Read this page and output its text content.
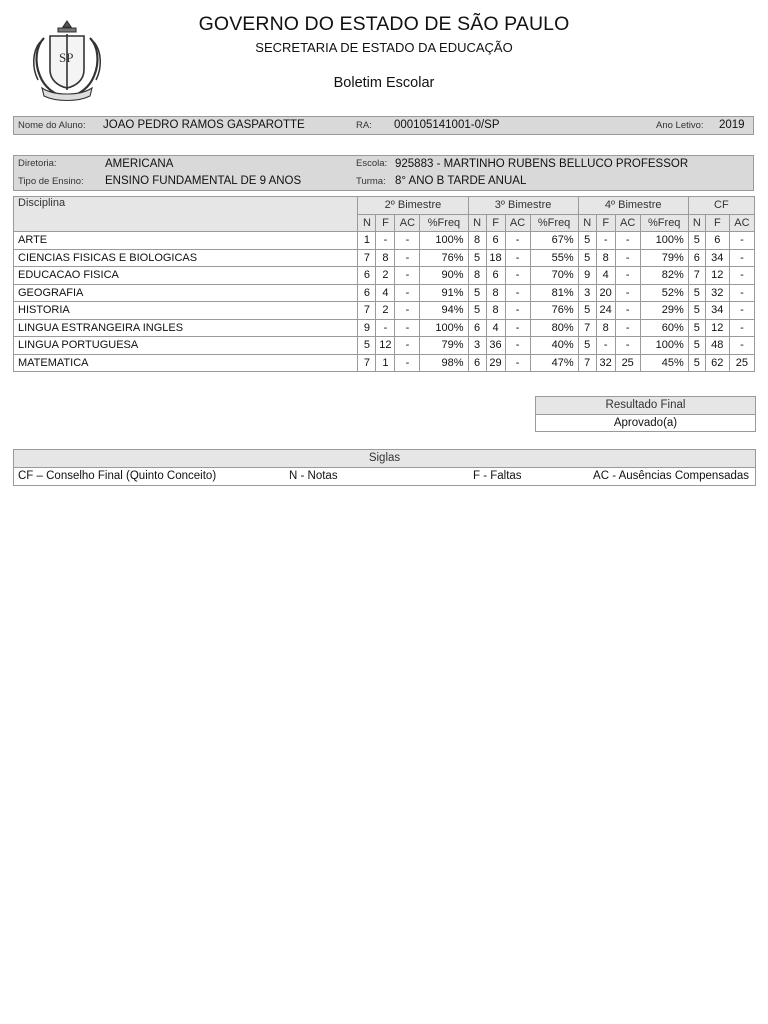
SP
GOVERNO DO ESTADO DE SÃO PAULO
SECRETARIA DE ESTADO DA EDUCAÇÃO
Boletim Escolar
Nome do Aluno: JOAO PEDRO RAMOS GASPAROTTE	RA: 000105141001-0/SP	Ano Letivo: 2019
Diretoria:	AMERICANA	Escola: 925883 - MARTINHO RUBENS BELLUCO PROFESSOR
Tipo de Ensino: ENSINO FUNDAMENTAL DE 9 ANOS	Turma: 8° ANO B TARDE ANUAL
Disciplina	2º Bimestre				3º Bimestre				4º Bimestre				CF		
	N	F	AC	%Freq	N	F	AC	%Freq	N	F	AC	%Freq	N	F	AC
ARTE	1	-	-	100%	8	6	-	67%	5	-	-	100%	5	6	-
CIENCIAS FISICAS E BIOLOGICAS	7	8	-	76%	5	18	-	55%	5	8	-	79%	6	34	-
EDUCACAO FISICA	6	2	-	90%	8	6	-	70%	9	4	-	82%	7	12	-
GEOGRAFIA	6	4	-	91%	5	8	-	81%	3	20	-	52%	5	32	-
HISTORIA	7	2	-	94%	5	8	-	76%	5	24	-	29%	5	34	-
LINGUA ESTRANGEIRA INGLES	9	-	-	100%	6	4	-	80%	7	8	-	60%	5	12	-
LINGUA PORTUGUESA	5	12	-	79%	3	36	-	40%	5	-	-	100%	5	48	-
MATEMATICA	7	1	-	98%	6	29	-	47%	7	32	25	45%	5	62	25
Resultado Final
Aprovado(a)
Siglas
CF – Conselho Final (Quinto Conceito)	N - Notas	F - Faltas	AC - Ausências Compensadas
